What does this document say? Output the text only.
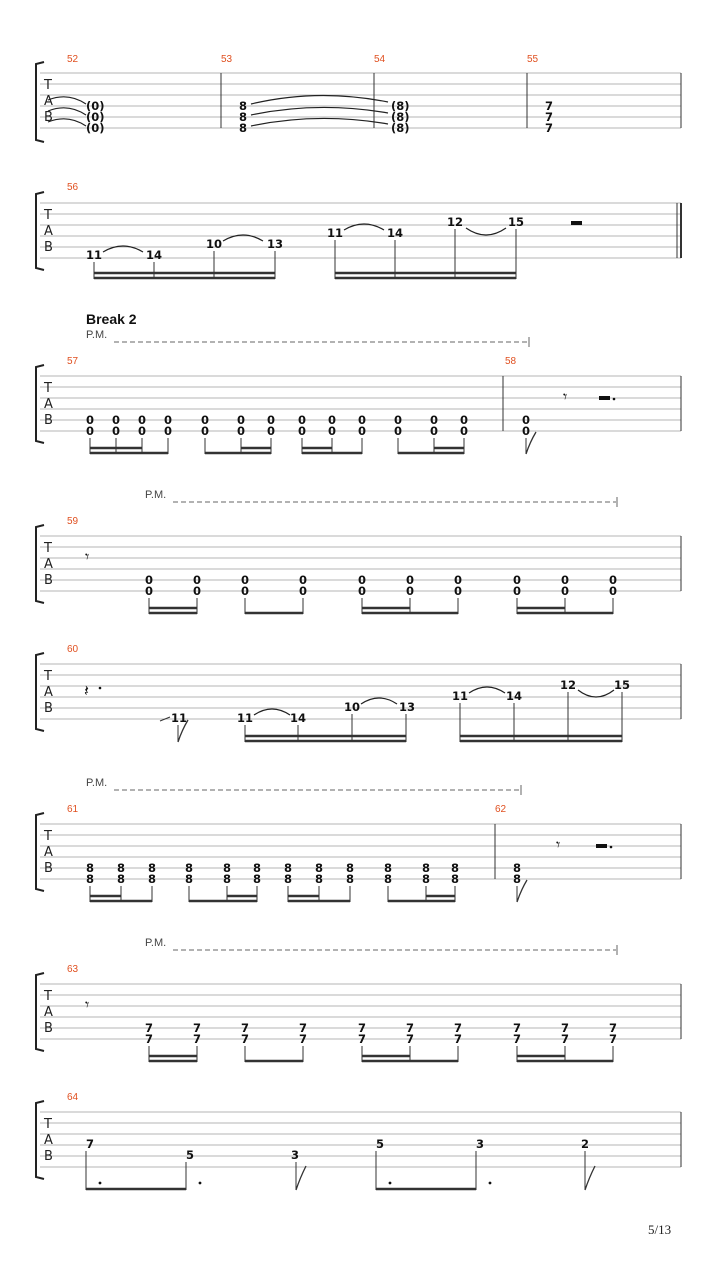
T
A
B
52	53	54	55
(0)
(0)
(0)
8
8
8
(8)
(8)
(8)
7
7
7
T
A
B
56
11	14
10	13
11	14
12	15
Break 2
P.M.
T
A
B
57	58
0
0
0
0
0
0
0
0
0
0
0
0
0
0
0
0
0
0
0
0
0
0
0
0
0
0
0
0
𝄾
P.M.
T
A
B
59
𝄾
0
0
0
0
0
0
0
0
0
0
0
0
0
0
0
0
0
0
0
0
T
A
B
60
𝄽
11	11	14
10	13
11	14
12	15
P.M.
T
A
B
61	62
8
8
8
8
8
8
8
8
8
8
8
8
8
8
8
8
8
8
8
8
8
8
8
8
8
8
𝄾
P.M.
T
A
B
63
𝄾
7
7
7
7
7
7
7
7
7
7
7
7
7
7
7
7
7
7
7
7
T
A
B
64
7
5	3
5	3	2
5/13
